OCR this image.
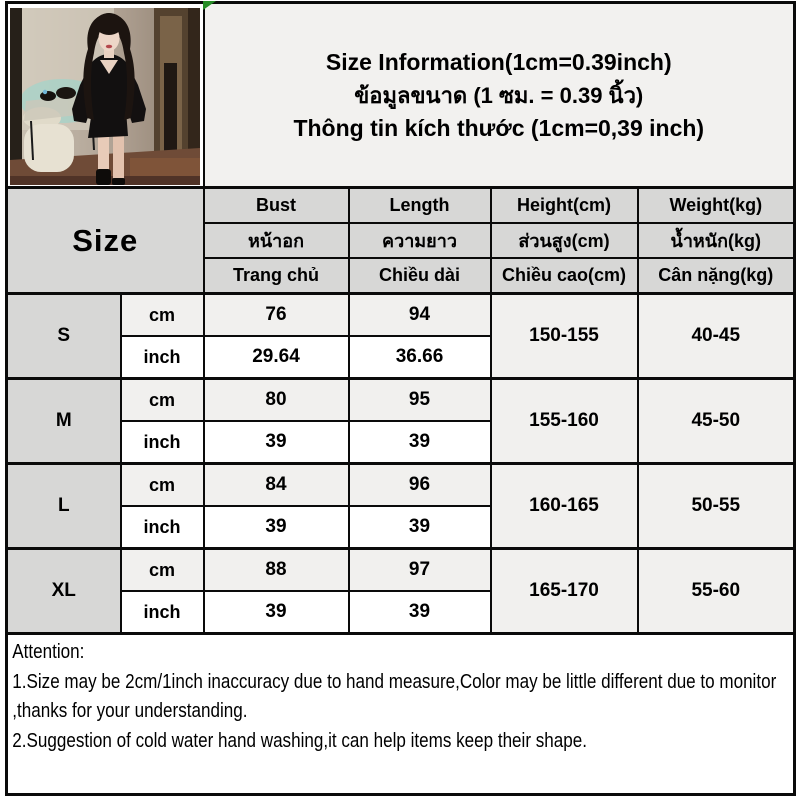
Size Information(1cm=0.39inch)
ข้อมูลขนาด (1 ซม. = 0.39 นิ้ว)
Thông tin kích thước (1cm=0,39 inch)			

Size		Bust	Length	Height(cm)	Weight(kg)
		หน้าอก	ความยาว	ส่วนสูง(cm)	น้ำหนัก(kg)
		Trang chủ	Chiều dài	Chiều cao(cm)	Cân nặng(kg)
S	cm	76	94	150-155	40-45
	inch	29.64	36.66		
M	cm	80	95	155-160	45-50
	inch	39	39		
L	cm	84	96	160-165	50-55
	inch	39	39		
XL	cm	88	97	165-170	55-60
	inch	39	39		

Attention:
1.Size may be 2cm/1inch inaccuracy due to hand measure,Color may be little different due to monitor ,thanks for your understanding.
2.Suggestion of cold water hand washing,it can help items keep their shape.					
